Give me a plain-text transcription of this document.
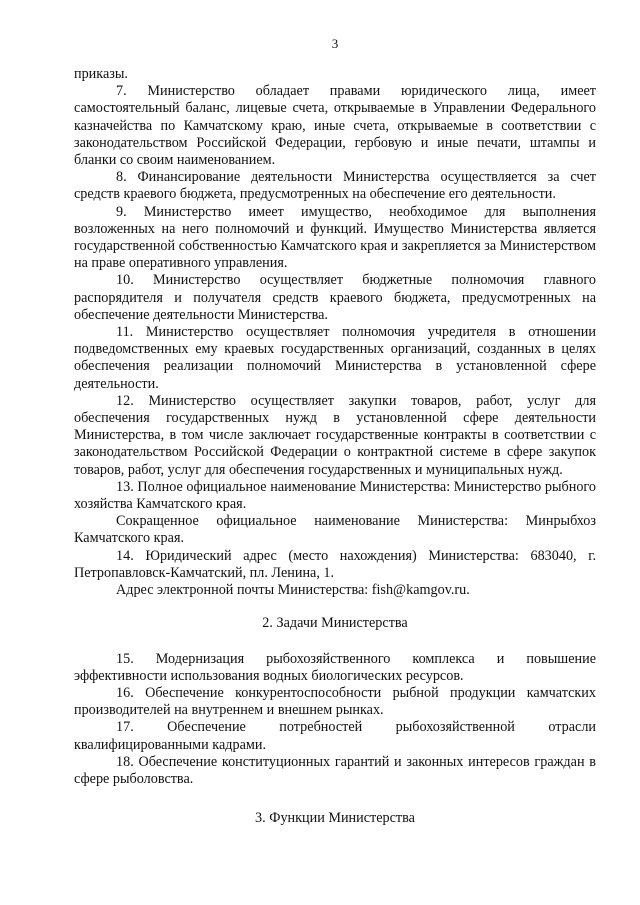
3

приказы.

7. Министерство обладает правами юридического лица, имеет самостоятельный баланс, лицевые счета, открываемые в Управлении Федерального казначейства по Камчатскому краю, иные счета, открываемые в соответствии с законодательством Российской Федерации, гербовую и иные печати, штампы и бланки со своим наименованием.

8. Финансирование деятельности Министерства осуществляется за счет средств краевого бюджета, предусмотренных на обеспечение его деятельности.

9. Министерство имеет имущество, необходимое для выполнения возложенных на него полномочий и функций. Имущество Министерства является государственной собственностью Камчатского края и закрепляется за Министерством на праве оперативного управления.

10. Министерство осуществляет бюджетные полномочия главного распорядителя и получателя средств краевого бюджета, предусмотренных на обеспечение деятельности Министерства.

11. Министерство осуществляет полномочия учредителя в отношении подведомственных ему краевых государственных организаций, созданных в целях обеспечения реализации полномочий Министерства в установленной сфере деятельности.

12. Министерство осуществляет закупки товаров, работ, услуг для обеспечения государственных нужд в установленной сфере деятельности Министерства, в том числе заключает государственные контракты в соответствии с законодательством Российской Федерации о контрактной системе в сфере закупок товаров, работ, услуг для обеспечения государственных и муниципальных нужд.

13. Полное официальное наименование Министерства: Министерство рыбного хозяйства Камчатского края.

Сокращенное официальное наименование Министерства: Минрыбхоз Камчатского края.

14. Юридический адрес (место нахождения) Министерства: 683040, г. Петропавловск-Камчатский, пл. Ленина, 1.

Адрес электронной почты Министерства: fish@kamgov.ru.

2. Задачи Министерства

15. Модернизация рыбохозяйственного комплекса и повышение эффективности использования водных биологических ресурсов.

16. Обеспечение конкурентоспособности рыбной продукции камчатских производителей на внутреннем и внешнем рынках.

17. Обеспечение потребностей рыбохозяйственной отрасли квалифицированными кадрами.

18. Обеспечение конституционных гарантий и законных интересов граждан в сфере рыболовства.

3. Функции Министерства
